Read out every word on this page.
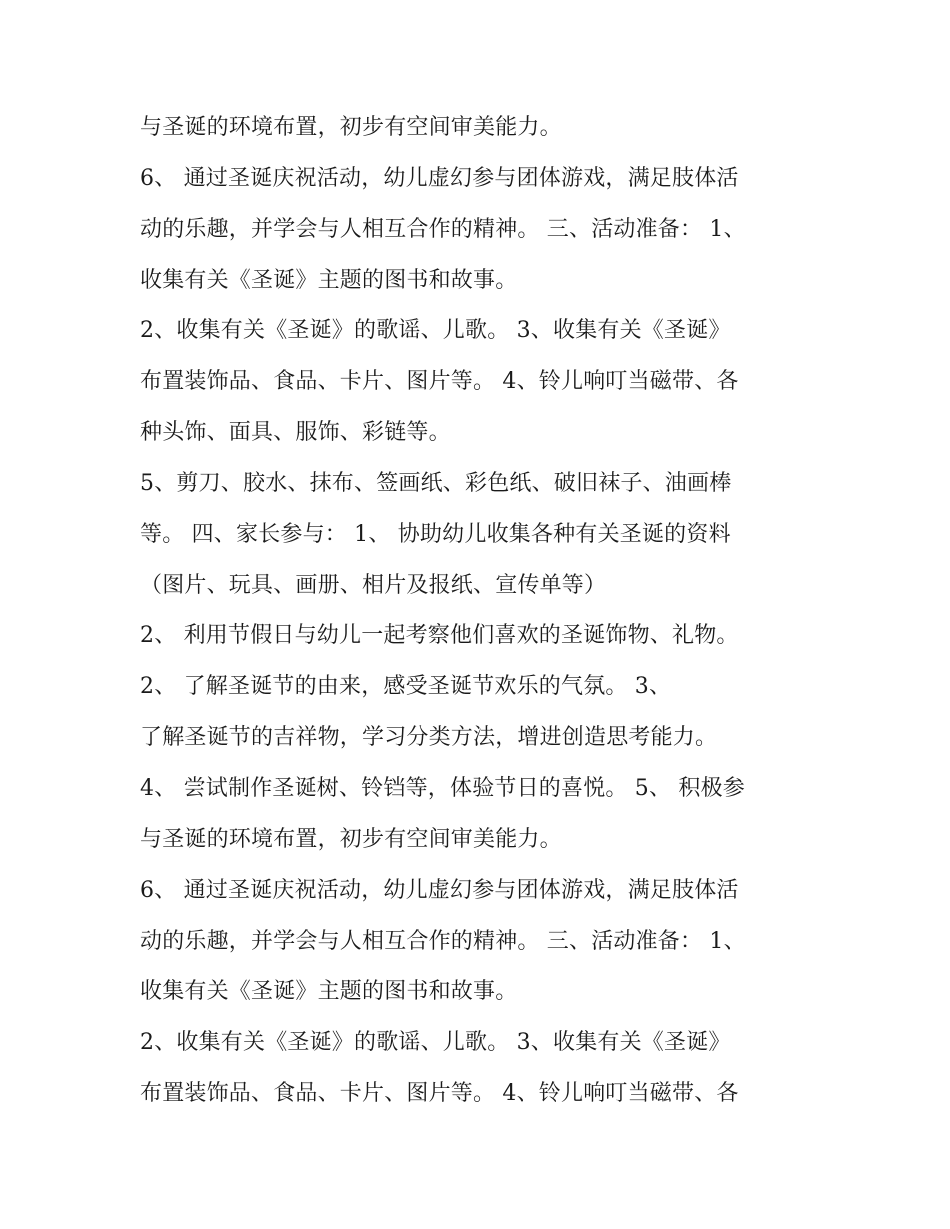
与圣诞的环境布置，初步有空间审美能力。
6、 通过圣诞庆祝活动，幼儿虚幻参与团体游戏，满足肢体活
动的乐趣，并学会与人相互合作的精神。 三、活动准备： 1、
收集有关《圣诞》主题的图书和故事。
2、收集有关《圣诞》的歌谣、儿歌。 3、收集有关《圣诞》
布置装饰品、食品、卡片、图片等。 4、铃儿响叮当磁带、各
种头饰、面具、服饰、彩链等。
5、剪刀、胶水、抹布、签画纸、彩色纸、破旧袜子、油画棒
等。 四、家长参与： 1、 协助幼儿收集各种有关圣诞的资料
（图片、玩具、画册、相片及报纸、宣传单等）
2、 利用节假日与幼儿一起考察他们喜欢的圣诞饰物、礼物。
2、 了解圣诞节的由来，感受圣诞节欢乐的气氛。 3、
了解圣诞节的吉祥物，学习分类方法，增进创造思考能力。
4、 尝试制作圣诞树、铃铛等，体验节日的喜悦。 5、 积极参
与圣诞的环境布置，初步有空间审美能力。
6、 通过圣诞庆祝活动，幼儿虚幻参与团体游戏，满足肢体活
动的乐趣，并学会与人相互合作的精神。 三、活动准备： 1、
收集有关《圣诞》主题的图书和故事。
2、收集有关《圣诞》的歌谣、儿歌。 3、收集有关《圣诞》
布置装饰品、食品、卡片、图片等。 4、铃儿响叮当磁带、各
